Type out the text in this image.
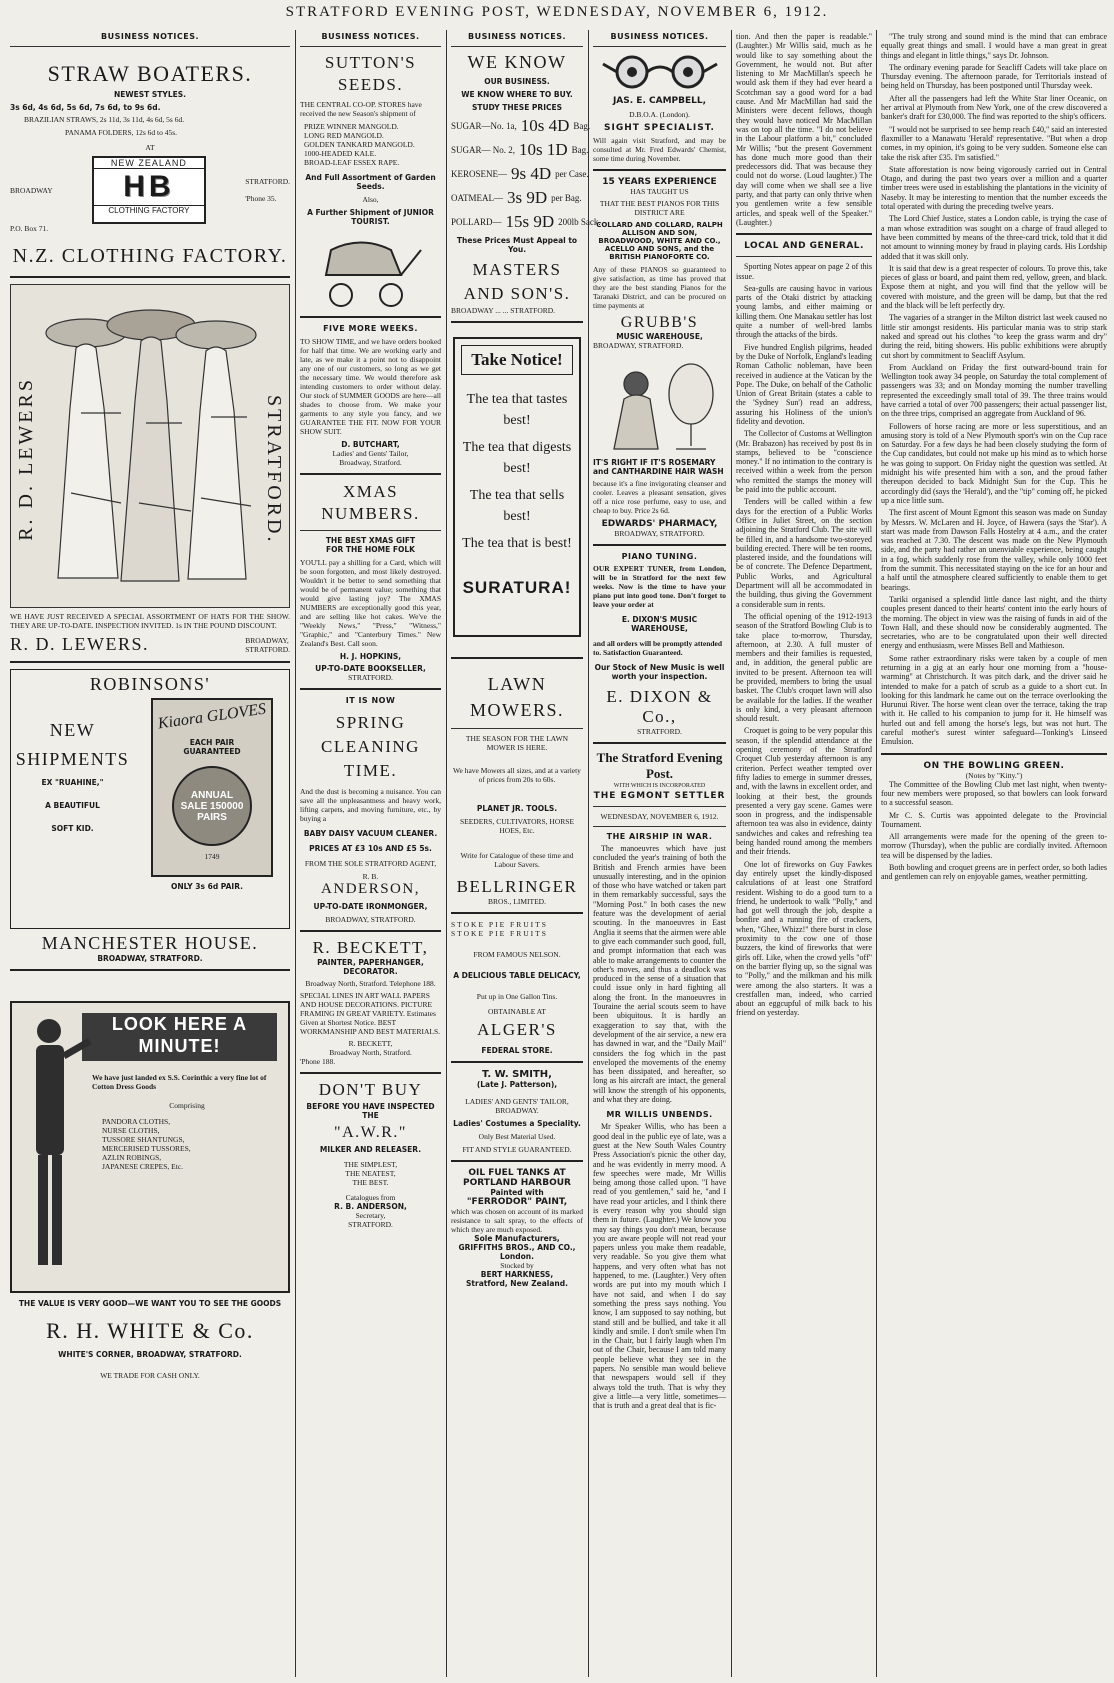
STRATFORD EVENING POST, WEDNESDAY, NOVEMBER 6, 1912.
BUSINESS NOTICES.
STRAW BOATERS.
NEWEST STYLES.
3s 6d, 4s 6d, 5s 6d, 7s 6d, to 9s 6d.
BRAZILIAN STRAWS, 2s 11d, 3s 11d, 4s 6d, 5s 6d.
PANAMA FOLDERS, 12s 6d to 45s.
AT
BROADWAY
NEW ZEALAND
HB
CLOTHING FACTORY
STRATFORD.
'Phone 35.
P.O. Box 71.
N.Z. CLOTHING FACTORY.
R. D. LEWERS	STRATFORD.
WE HAVE JUST RECEIVED A SPECIAL ASSORTMENT OF HATS FOR THE SHOW. THEY ARE UP-TO-DATE. INSPECTION INVITED. 1s IN THE POUND DISCOUNT.
R. D. LEWERS.	BROADWAY,
STRATFORD.
ROBINSONS'
NEW
SHIPMENTS
EX "RUAHINE,"
A BEAUTIFUL
SOFT KID.
Kiaora GLOVES
EACH PAIR GUARANTEED
ANNUAL SALE 150000 PAIRS
1749
ONLY 3s 6d PAIR.
MANCHESTER HOUSE.
BROADWAY, STRATFORD.
LOOK HERE A MINUTE!
We have just landed ex S.S. Corinthic a very fine lot of Cotton Dress Goods
Comprising
PANDORA CLOTHS,
NURSE CLOTHS,
TUSSORE SHANTUNGS,
MERCERISED TUSSORES,
AZLIN ROBINGS,
JAPANESE CREPES, Etc.
THE VALUE IS VERY GOOD—WE WANT YOU TO SEE THE GOODS
R. H. WHITE & Co.
WHITE'S CORNER, BROADWAY, STRATFORD.
WE TRADE FOR CASH ONLY.
BUSINESS NOTICES.
SUTTON'S SEEDS.
THE CENTRAL CO-OP. STORES have received the new Season's shipment of
PRIZE WINNER MANGOLD.
LONG RED MANGOLD.
GOLDEN TANKARD MANGOLD.
1000-HEADED KALE.
BROAD-LEAF ESSEX RAPE.
And Full Assortment of Garden Seeds.
Also,
A Further Shipment of JUNIOR TOURIST.
FIVE MORE WEEKS.
TO SHOW TIME, and we have orders booked for half that time. We are working early and late, as we make it a point not to disappoint any one of our customers, so long as we get the necessary time. We would therefore ask intending customers to order without delay. Our stock of SUMMER GOODS are here—all shades to choose from. We make your garments to any style you fancy, and we GUARANTEE THE FIT. NOW FOR YOUR SHOW SUIT.
D. BUTCHART,
Ladies' and Gents' Tailor,
Broadway, Stratford.
XMAS NUMBERS.
THE BEST XMAS GIFT
FOR THE HOME FOLK
YOU'LL pay a shilling for a Card, which will be soon forgotten, and most likely destroyed. Wouldn't it be better to send something that would be of permanent value; something that would give lasting joy? The XMAS NUMBERS are exceptionally good this year, and are selling like hot cakes. We've the "Weekly News," "Press," "Witness," "Graphic," and "Canterbury Times." New Zealand's Best. Call soon.
H. J. HOPKINS,
UP-TO-DATE BOOKSELLER,
STRATFORD.
IT IS NOW
SPRING CLEANING TIME.
And the dust is becoming a nuisance. You can save all the unpleasantness and heavy work, lifting carpets, and moving furniture, etc., by buying a
BABY DAISY VACUUM CLEANER.
PRICES AT £3 10s AND £5 5s.
FROM THE SOLE STRATFORD AGENT,
R. B.
ANDERSON,
UP-TO-DATE IRONMONGER,
BROADWAY, STRATFORD.
R. BECKETT,
PAINTER, PAPERHANGER, DECORATOR.
Broadway North, Stratford. Telephone 188.
SPECIAL LINES IN ART WALL PAPERS AND HOUSE DECORATIONS. PICTURE FRAMING IN GREAT VARIETY. Estimates Given at Shortest Notice. BEST WORKMANSHIP AND BEST MATERIALS.
R. BECKETT,
Broadway North, Stratford.
'Phone 188.
DON'T BUY
BEFORE YOU HAVE INSPECTED THE
"A.W.R."
MILKER AND RELEASER.
THE SIMPLEST,
THE NEATEST,
THE BEST.
Catalogues from
R. B. ANDERSON,
Secretary,
STRATFORD.
BUSINESS NOTICES.
WE KNOW
OUR BUSINESS.
WE KNOW WHERE TO BUY.
STUDY THESE PRICES
SUGAR—No. 1a, 10s 4D Bag.
SUGAR— No. 2, 10s 1D Bag.
KEROSENE— 9s 4D per Case.
OATMEAL— 3s 9D per Bag.
POLLARD— 15s 9D 200lb Sack.
These Prices Must Appeal to You.
MASTERS AND SON'S.
BROADWAY ... ... STRATFORD.
Take Notice!
The tea that tastes best!
The tea that digests best!
The tea that sells best!
The tea that is best!
SURATURA!
LAWN MOWERS.
THE SEASON FOR THE LAWN MOWER IS HERE.
We have Mowers all sizes, and at a variety of prices from 20s to 60s.
PLANET JR. TOOLS.
SEEDERS, CULTIVATORS, HORSE HOES, Etc.
Write for Catalogue of these time and Labour Savers.
BELLRINGER
BROS., LIMITED.
STOKE PIE FRUITS
STOKE PIE FRUITS
FROM FAMOUS NELSON.
A DELICIOUS TABLE DELICACY,
Put up in One Gallon Tins.
OBTAINABLE AT
ALGER'S
FEDERAL STORE.
T. W. SMITH,
(Late J. Patterson),
LADIES' AND GENTS' TAILOR, BROADWAY.
Ladies' Costumes a Speciality.
Only Best Material Used.
FIT AND STYLE GUARANTEED.
OIL FUEL TANKS AT PORTLAND HARBOUR
Painted with
"FERRODOR" PAINT,
which was chosen on account of its marked resistance to salt spray, to the effects of which they are much exposed.
Sole Manufacturers,
GRIFFITHS BROS., AND CO., London.
Stocked by
BERT HARKNESS,
Stratford, New Zealand.
BUSINESS NOTICES.
JAS. E. CAMPBELL,
D.B.O.A. (London).
SIGHT SPECIALIST.
Will again visit Stratford, and may be consulted at Mr. Fred Edwards' Chemist, some time during November.
15 YEARS EXPERIENCE
HAS TAUGHT US
THAT THE BEST PIANOS FOR THIS DISTRICT ARE
COLLARD AND COLLARD, RALPH ALLISON AND SON, BROADWOOD, WHITE AND CO., ACELLO AND SONS, and the BRITISH PIANOFORTE CO.
Any of these PIANOS so guaranteed to give satisfaction, as time has proved that they are the best standing Pianos for the Taranaki District, and can be procured on time payments at
GRUBB'S
MUSIC WAREHOUSE,
BROADWAY, STRATFORD.
IT'S RIGHT IF IT'S ROSEMARY and CANTHARDINE HAIR WASH
because it's a fine invigorating cleanser and cooler. Leaves a pleasant sensation, gives off a nice rose perfume, easy to use, and cheap to buy. Price 2s 6d.
EDWARDS' PHARMACY,
BROADWAY, STRATFORD.
PIANO TUNING.
OUR EXPERT TUNER, from London, will be in Stratford for the next few weeks. Now is the time to have your piano put into good tone. Don't forget to leave your order at
E. DIXON'S MUSIC WAREHOUSE,
and all orders will be promptly attended to. Satisfaction Guaranteed.
Our Stock of New Music is well worth your inspection.
E. DIXON & Co.,
STRATFORD.
The Stratford Evening Post.
WITH WHICH IS INCORPORATED
THE EGMONT SETTLER
WEDNESDAY, NOVEMBER 6, 1912.
THE AIRSHIP IN WAR.

The manoeuvres which have just concluded the year's training of both the British and French armies have been unusually interesting, and in the opinion of those who have watched or taken part in them remarkably successful, says the "Morning Post." In both cases the new feature was the development of aerial scouting. In the manoeuvres in East Anglia it seems that the airmen were able to give each commander such good, full, and prompt information that each was able to make arrangements to counter the other's moves, and thus a deadlock was produced in the sense of a situation that could issue only in hard fighting all along the front. In the manoeuvres in Touraine the aerial scouts seem to have been ubiquitous. It is hardly an exaggeration to say that, with the development of the air service, a new era has dawned in war, and the "Daily Mail" considers the fog which in the past enveloped the movements of the enemy has been dissipated, and hereafter, so long as his aircraft are intact, the general will know the strength of his opponents, and what they are doing.

MR WILLIS UNBENDS.

Mr Speaker Willis, who has been a good deal in the public eye of late, was a guest at the New South Wales Country Press Association's picnic the other day, and he was evidently in merry mood. A few speeches were made, Mr Willis being among those called upon. "I have read of you gentlemen," said he, "and I have read your articles, and I think there is every reason why you should sign them in future. (Laughter.) We know you may say things you don't mean, because you are aware people will not read your papers unless you make them readable, very readable. So you give them what happens, and very often what has not happened, to me. (Laughter.) Very often words are put into my mouth which I have not said, and when I do say something the press says nothing. You know, I am supposed to say nothing, but stand still and be bullied, and take it all kindly and smile. I don't smile when I'm in the Chair, but I fairly laugh when I'm out of the Chair, because I am told many people believe what they see in the papers. No sensible man would believe that newspapers would sell if they always told the truth. That is why they give a little—a very little, sometimes—that is truth and a great deal that is fic-

tion. And then the paper is readable." (Laughter.) Mr Willis said, much as he would like to say something about the Government, he would not. But after listening to Mr MacMillan's speech he would ask them if they had ever heard a Scotchman say a good word for a bad cause. And Mr MacMillan had said the Ministers were decent fellows, though they would have noticed Mr MacMillan was on top all the time. "I do not believe in the Labour platform a bit," concluded Mr Willis; "but the present Government has done much more good than their predecessors did. That was because they could not do worse. (Loud laughter.) The day will come when we shall see a live party, and that party can only thrive when you gentlemen write a few sensible articles, and speak well of the Speaker." (Laughter.)

LOCAL AND GENERAL.

Sporting Notes appear on page 2 of this issue.

Sea-gulls are causing havoc in various parts of the Otaki district by attacking young lambs, and either maiming or killing them. One Manakau settler has lost quite a number of well-bred lambs through the attacks of the birds.

Five hundred English pilgrims, headed by the Duke of Norfolk, England's leading Roman Catholic nobleman, have been received in audience at the Vatican by the Pope. The Duke, on behalf of the Catholic Union of Great Britain (states a cable to the 'Sydney Sun') read an address, assuring his Holiness of the union's fidelity and devotion.

The Collector of Customs at Wellington (Mr. Brabazon) has received by post 8s in stamps, believed to be "conscience money." If no intimation to the contrary is received within a week from the person who remitted the stamps the money will be paid into the public account.

Tenders will be called within a few days for the erection of a Public Works Office in Juliet Street, on the section adjoining the Stratford Club. The site will be filled in, and a handsome two-storeyed building erected. There will be ten rooms, plastered inside, and the foundations will be of concrete. The Defence Department, Public Works, and Agricultural Department will all be accommodated in the building, thus giving the Government a considerable sum in rents.

The official opening of the 1912-1913 season of the Stratford Bowling Club is to take place to-morrow, Thursday, afternoon, at 2.30. A full muster of members and their families is requested, and, in addition, the general public are invited to be present. Afternoon tea will be provided, members to bring the usual basket. The Club's croquet lawn will also be available for the ladies. If the weather is only kind, a very pleasant afternoon should result.

Croquet is going to be very popular this season, if the splendid attendance at the opening ceremony of the Stratford Croquet Club yesterday afternoon is any criterion. Perfect weather tempted over fifty ladies to emerge in summer dresses, and, with the lawns in excellent order, and looking at their best, the grounds presented a very gay scene. Games were soon in progress, and the indispensable afternoon tea was also in evidence, dainty sandwiches and cakes and refreshing tea being handed round among the members and their friends.

One lot of fireworks on Guy Fawkes day entirely upset the kindly-disposed calculations of at least one Stratford resident. Wishing to do a good turn to a friend, he undertook to walk "Polly," and had got well through the job, despite a bonfire and a running fire of crackers, when, "Ghee, Whizz!" there burst in close proximity to the cow one of those buzzers, the kind of fireworks that were girls off. Like, when the crowd yells "off" on the barrier flying up, so the signal was to "Polly," and the milkman and his milk were among the also starters. It was a crestfallen man, indeed, who carried about an eggcupful of milk back to his friend on yesterday.

"The truly strong and sound mind is the mind that can embrace equally great things and small. I would have a man great in great things and elegant in little things," says Dr. Johnson.

The ordinary evening parade for Seacliff Cadets will take place on Thursday evening. The afternoon parade, for Territorials instead of being held on Thursday, has been postponed until Thursday week.

After all the passengers had left the White Star liner Oceanic, on her arrival at Plymouth from New York, one of the crew discovered a banker's draft for £30,000. The find was reported to the ship's officers.

"I would not be surprised to see hemp reach £40," said an interested flaxmiller to a Manawatu 'Herald' representative. "But when a drop comes, in my opinion, it's going to be very sudden. Someone else can take the risk after £35. I'm satisfied."

State afforestation is now being vigorously carried out in Central Otago, and during the past two years over a million and a quarter timber trees were used in establishing the plantations in the vicinity of Naseby. It may be interesting to mention that the number exceeds the total operated with during the preceding twelve years.

The Lord Chief Justice, states a London cable, is trying the case of a man whose extradition was sought on a charge of fraud alleged to have been committed by means of the three-card trick, told that it did not amount to winning money by fraud in playing cards. His Lordship added that it was skill only.

It is said that dew is a great respecter of colours. To prove this, take pieces of glass or board, and paint them red, yellow, green, and black. Expose them at night, and you will find that the yellow will be covered with moisture, and the green will be damp, but that the red and the black will be left perfectly dry.

The vagaries of a stranger in the Milton district last week caused no little stir amongst residents. His particular mania was to strip stark naked and spread out his clothes "to keep the grass warm and dry" during the reid, biting showers. His public exhibitions were abruptly cut short by commitment to Seacliff Asylum.

From Auckland on Friday the first outward-bound train for Wellington took away 34 people, on Saturday the total complement of passengers was 33; and on Monday morning the number travelling represented the exceedingly small total of 39. The three trains would have carried a total of over 700 passengers; their actual passenger list, on the three trips, comprised an aggregate from Auckland of 96.

Followers of horse racing are more or less superstitious, and an amusing story is told of a New Plymouth sport's win on the Cup race on Saturday. For a few days he had been closely studying the form of the Cup candidates, but could not make up his mind as to which horse he was going to support. On Friday night the question was settled. At midnight his wife presented him with a son, and the proud father thereupon decided to back Midnight Sun for the Cup. This he accordingly did (says the 'Herald'), and the "tip" coming off, he picked up a nice little sum.

The first ascent of Mount Egmont this season was made on Sunday by Messrs. W. McLaren and H. Joyce, of Hawera (says the 'Star'). A start was made from Dawson Falls Hostelry at 4 a.m., and the crater was reached at 7.30. The descent was made on the New Plymouth side, and the party had rather an unenviable experience, being caught in a fog, which suddenly rose from the valley, while only 1000 feet from the summit. This necessitated staying on the ice for an hour and a half until the atmosphere cleared sufficiently to enable them to get bearings.

Tariki organised a splendid little dance last night, and the thirty couples present danced to their hearts' content into the early hours of the morning. The object in view was the raising of funds in aid of the Town Hall, and these should now be considerably augmented. The secretaries, who are to be congratulated upon their well directed energy and enthusiasm, were Misses Bell and Mathieson.

Some rather extraordinary risks were taken by a couple of men returning in a gig at an early hour one morning from a "house-warming" at Christchurch. It was pitch dark, and the driver said he intended to make for a patch of scrub as a guide to a short cut. In looking for this landmark he came out on the terrace overlooking the Hurunui River. The horse went clean over the terrace, taking the trap with it. He called to his companion to jump for it. He himself was hurled out and fell among the horse's legs, but was not hurt. The careful mother's surest winter safeguard—Tonking's Linseed Emulsion.

ON THE BOWLING GREEN.
(Notes by "Kitty.")

The Committee of the Bowling Club met last night, when twenty-four new members were proposed, so that bowlers can look forward to a successful season.

Mr C. S. Curtis was appointed delegate to the Provincial Tournament.

All arrangements were made for the opening of the green to-morrow (Thursday), when the public are cordially invited. Afternoon tea will be dispensed by the ladies.

Both bowling and croquet greens are in perfect order, so both ladies and gentlemen can rely on enjoyable games, weather permitting.
